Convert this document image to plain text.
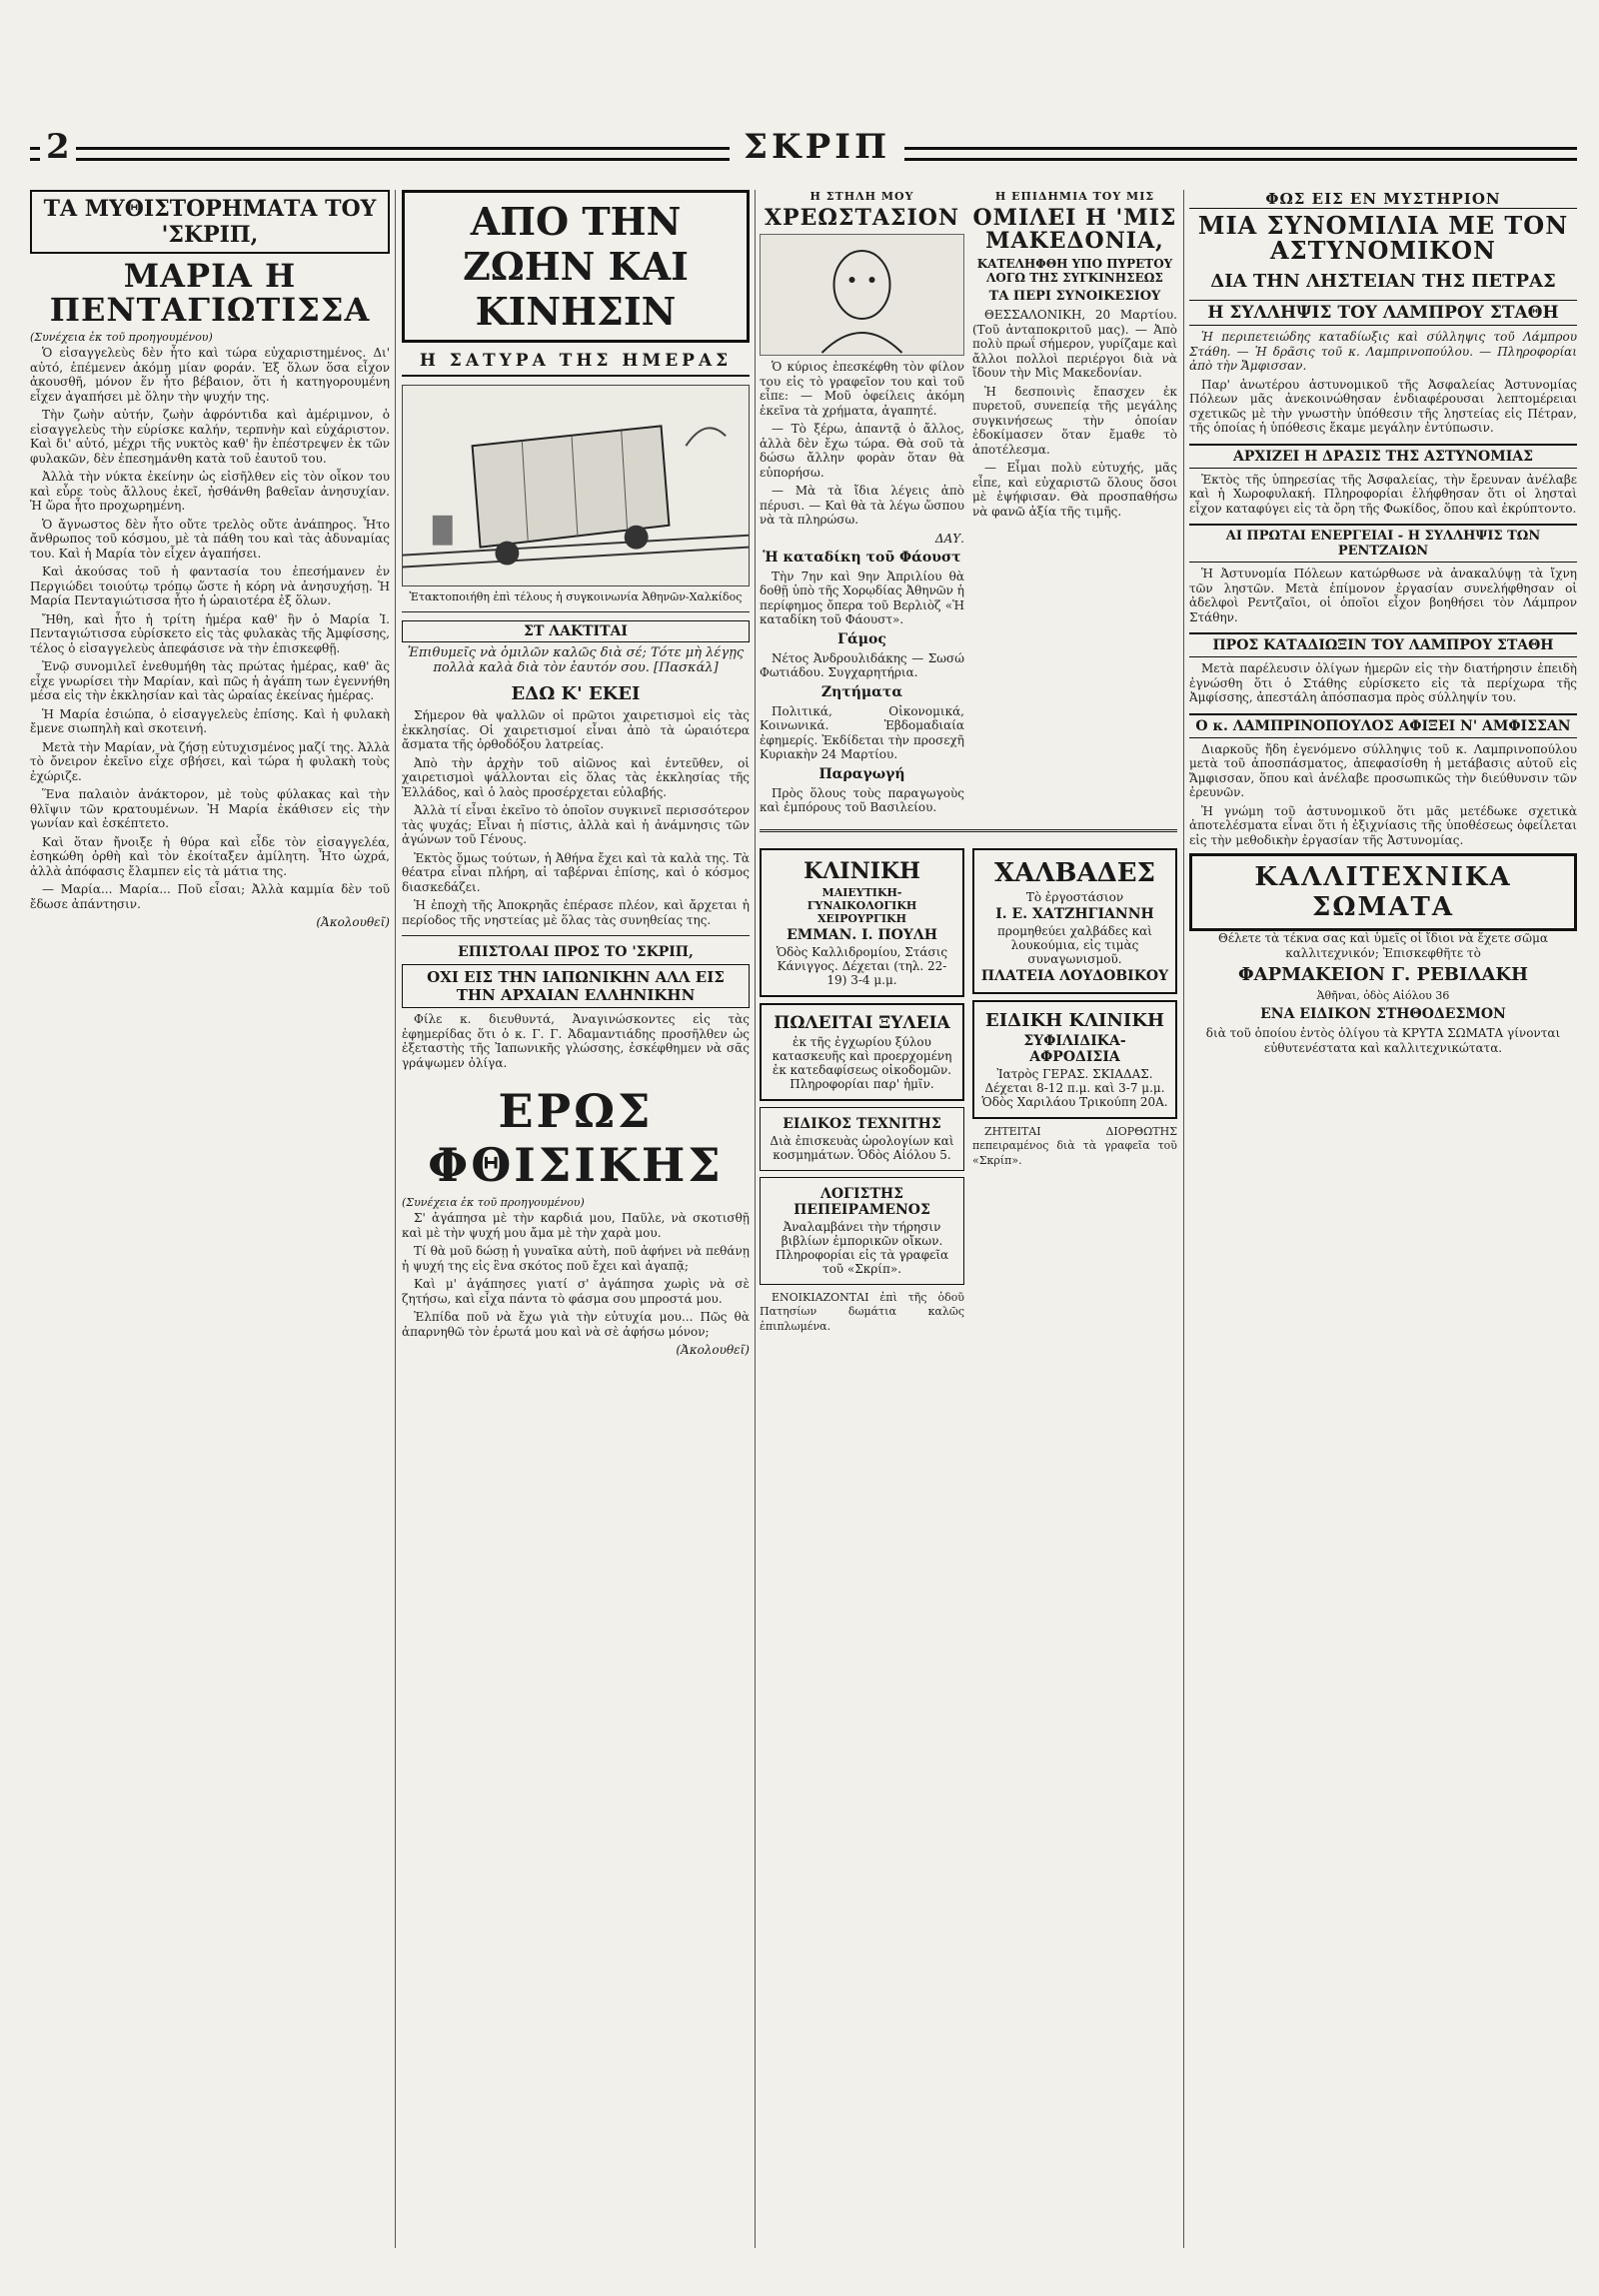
2	ΣΚΡΙΠ
ΤΑ ΜΥΘΙΣΤΟΡΗΜΑΤΑ ΤΟΥ 'ΣΚΡΙΠ,
ΜΑΡΙΑ Η ΠΕΝΤΑΓΙΩΤΙΣΣΑ
(Συνέχεια ἐκ τοῦ προηγουμένου)

Ὁ εἰσαγγελεὺς δὲν ἦτο καὶ τώρα εὐχαριστημένος. Δι' αὐτό, ἐπέμενεν ἀκόμη μίαν φοράν. Ἐξ ὅλων ὅσα εἶχον ἀκουσθῆ, μόνον ἕν ἦτο βέβαιον, ὅτι ἡ κατηγορουμένη εἶχεν ἀγαπήσει μὲ ὅλην τὴν ψυχήν της.

Τὴν ζωὴν αὐτήν, ζωὴν ἀφρόντιδα καὶ ἀμέριμνον, ὁ εἰσαγγελεὺς τὴν εὑρίσκε καλήν, τερπνὴν καὶ εὐχάριστον. Καὶ δι' αὐτό, μέχρι τῆς νυκτὸς καθ' ἣν ἐπέστρεψεν ἐκ τῶν φυλακῶν, δὲν ἐπεσημάνθη κατὰ τοῦ ἐαυτοῦ του.

Ἀλλὰ τὴν νύκτα ἐκείνην ὡς εἰσῆλθεν εἰς τὸν οἶκον του καὶ εὗρε τοὺς ἄλλους ἐκεῖ, ἠσθάνθη βαθεῖαν ἀνησυχίαν. Ἡ ὥρα ἦτο προχωρημένη.

Ὁ ἄγνωστος δὲν ἦτο οὔτε τρελὸς οὔτε ἀνάπηρος. Ἦτο ἄνθρωπος τοῦ κόσμου, μὲ τὰ πάθη του καὶ τὰς ἀδυναμίας του. Καὶ ἡ Μαρία τὸν εἶχεν ἀγαπήσει.

Καὶ ἀκούσας τοῦ ἡ φαντασία του ἐπεσήμανεν ἐν Περγιώδει τοιούτῳ τρόπῳ ὥστε ἡ κόρη νὰ ἀνησυχήσῃ. Ἡ Μαρία Πενταγιώτισσα ἦτο ἡ ὡραιοτέρα ἐξ ὅλων.

Ἤθη, καὶ ἦτο ἡ τρίτη ἡμέρα καθ' ἣν ὁ Μαρία Ἰ. Πενταγιώτισσα εὑρίσκετο εἰς τὰς φυλακὰς τῆς Ἀμφίσσης, τέλος ὁ εἰσαγγελεὺς ἀπεφάσισε νὰ τὴν ἐπισκεφθῇ.

Ἐνῷ συνομιλεῖ ἐνεθυμήθη τὰς πρώτας ἡμέρας, καθ' ἃς εἶχε γνωρίσει τὴν Μαρίαν, καὶ πῶς ἡ ἀγάπη των ἐγεννήθη μέσα εἰς τὴν ἐκκλησίαν καὶ τὰς ὡραίας ἐκείνας ἡμέρας.

Ἡ Μαρία ἐσιώπα, ὁ εἰσαγγελεὺς ἐπίσης. Καὶ ἡ φυλακὴ ἔμενε σιωπηλὴ καὶ σκοτεινή.

Μετὰ τὴν Μαρίαν, νὰ ζήσῃ εὐτυχισμένος μαζί της. Ἀλλὰ τὸ ὄνειρον ἐκεῖνο εἶχε σβήσει, καὶ τώρα ἡ φυλακὴ τοὺς ἐχώριζε.

Ἕνα παλαιὸν ἀνάκτορον, μὲ τοὺς φύλακας καὶ τὴν θλῖψιν τῶν κρατουμένων. Ἡ Μαρία ἐκάθισεν εἰς τὴν γωνίαν καὶ ἐσκέπτετο.

Καὶ ὅταν ἤνοιξε ἡ θύρα καὶ εἶδε τὸν εἰσαγγελέα, ἐσηκώθη ὀρθὴ καὶ τὸν ἐκοίταξεν ἀμίλητη. Ἦτο ὠχρά, ἀλλὰ ἀπόφασις ἔλαμπεν εἰς τὰ μάτια της.

— Μαρία... Μαρία... Ποῦ εἶσαι; Ἀλλὰ καμμία δὲν τοῦ ἔδωσε ἀπάντησιν.

(Ἀκολουθεῖ)
ΑΠΟ ΤΗΝ ΖΩΗΝ ΚΑΙ ΚΙΝΗΣΙΝ
Η ΣΑΤΥΡΑ ΤΗΣ ΗΜΕΡΑΣ
Ἐτακτοποιήθη ἐπὶ τέλους ἡ συγκοινωνία Ἀθηνῶν-Χαλκίδος
ΣΤ ΛΑΚΤΙΤΑΙ
Ἐπιθυμεῖς νὰ ὁμιλῶν καλῶς διὰ σέ; Τότε μὴ λέγῃς πολλὰ καλὰ διὰ τὸν ἑαυτόν σου. [Πασκάλ]
ΕΔΩ Κ' ΕΚΕΙ

Σήμερον θὰ ψαλλῶν οἱ πρῶτοι χαιρετισμοὶ εἰς τὰς ἐκκλησίας. Οἱ χαιρετισμοί εἶναι ἀπὸ τὰ ὡραιότερα ἄσματα τῆς ὀρθοδόξου λατρείας.

Ἀπὸ τὴν ἀρχὴν τοῦ αἰῶνος καὶ ἐντεῦθεν, οἱ χαιρετισμοὶ ψάλλονται εἰς ὅλας τὰς ἐκκλησίας τῆς Ἑλλάδος, καὶ ὁ λαὸς προσέρχεται εὐλαβής.

Ἀλλὰ τί εἶναι ἐκεῖνο τὸ ὁποῖον συγκινεῖ περισσότερον τὰς ψυχάς; Εἶναι ἡ πίστις, ἀλλὰ καὶ ἡ ἀνάμνησις τῶν ἀγώνων τοῦ Γένους.

Ἐκτὸς ὅμως τούτων, ἡ Ἀθήνα ἔχει καὶ τὰ καλὰ της. Τὰ θέατρα εἶναι πλήρη, αἱ ταβέρναι ἐπίσης, καὶ ὁ κόσμος διασκεδάζει.

Ἡ ἐποχὴ τῆς Ἀποκρηᾶς ἐπέρασε πλέον, καὶ ἄρχεται ἡ περίοδος τῆς νηστείας μὲ ὅλας τὰς συνηθείας της.

ΕΠΙΣΤΟΛΑΙ ΠΡΟΣ ΤΟ 'ΣΚΡΙΠ,
ΟΧΙ ΕΙΣ ΤΗΝ ΙΑΠΩΝΙΚΗΝ ΑΛΛ ΕΙΣ ΤΗΝ ΑΡΧΑΙΑΝ ΕΛΛΗΝΙΚΗΝ

Φίλε κ. διευθυντά, Ἀναγινώσκοντες εἰς τὰς ἐφημερίδας ὅτι ὁ κ. Γ. Γ. Ἀδαμαντιάδης προσῆλθεν ὡς ἐξεταστὴς τῆς Ἰαπωνικῆς γλώσσης, ἐσκέφθημεν νὰ σᾶς γράψωμεν ὀλίγα.

ΕΡΩΣ ΦΘΙΣΙΚΗΣ
(Συνέχεια ἐκ τοῦ προηγουμένου)

Σ' ἀγάπησα μὲ τὴν καρδιά μου, Παῦλε, νὰ σκοτισθῇ καὶ μὲ τὴν ψυχή μου ἄμα μὲ τὴν χαρὰ μου.

Τί θὰ μοῦ δώσῃ ἡ γυναῖκα αὐτὴ, ποῦ ἀφήνει νὰ πεθάνῃ ἡ ψυχή της εἰς ἓνα σκότος ποῦ ἔχει καὶ ἀγαπᾷ;

Καὶ μ' ἀγάπησες γιατί σ' ἀγάπησα χωρὶς νὰ σὲ ζητήσω, καὶ εἶχα πάντα τὸ φάσμα σου μπροστά μου.

Ἐλπίδα ποῦ νὰ ἔχω γιὰ τὴν εὐτυχία μου... Πῶς θὰ ἀπαρνηθῶ τὸν ἐρωτά μου καὶ νὰ σὲ ἀφήσω μόνον;

(Ἀκολουθεῖ)
Η ΣΤΗΛΗ ΜΟΥ
ΧΡΕΩΣΤΑΣΙΟΝ

Ὁ κύριος ἐπεσκέφθη τὸν φίλον του εἰς τὸ γραφεῖον του καὶ τοῦ εἶπε: — Μοῦ ὀφείλεις ἀκόμη ἐκεῖνα τὰ χρήματα, ἀγαπητέ.

— Τὸ ξέρω, ἀπαντᾷ ὁ ἄλλος, ἀλλὰ δὲν ἔχω τώρα. Θὰ σοῦ τὰ δώσω ἄλλην φορὰν ὅταν θὰ εὐπορήσω.

— Μὰ τὰ ἴδια λέγεις ἀπὸ πέρυσι. — Καὶ θὰ τὰ λέγω ὥσπου νὰ τὰ πληρώσω.

ΔΑΥ.
Ἡ καταδίκη τοῦ Φάουστ

Τὴν 7ην καὶ 9ην Ἀπριλίου θὰ δοθῇ ὑπὸ τῆς Χορῳδίας Ἀθηνῶν ἡ περίφημος ὄπερα τοῦ Βερλιὸζ «Ἡ καταδίκη τοῦ Φάουστ».

Γάμος

Νέτος Ἀνδρουλιδάκης — Σωσώ Φωτιάδου. Συγχαρητήρια.

Ζητήματα

Πολιτικά, Οἰκονομικά, Κοινωνικά. Ἑβδομαδιαία ἐφημερίς. Ἐκδίδεται τὴν προσεχῆ Κυριακὴν 24 Μαρτίου.

Παραγωγή

Πρὸς ὅλους τοὺς παραγωγοὺς καὶ ἐμπόρους τοῦ Βασιλείου.

Η ΕΠΙΔΗΜΙΑ ΤΟΥ ΜΙΣ
ΟΜΙΛΕΙ Η 'ΜΙΣ ΜΑΚΕΔΟΝΙΑ,
ΚΑΤΕΛΗΦΘΗ ΥΠΟ ΠΥΡΕΤΟΥ ΛΟΓΩ ΤΗΣ ΣΥΓΚΙΝΗΣΕΩΣ
ΤΑ ΠΕΡΙ ΣΥΝΟΙΚΕΣΙΟΥ

ΘΕΣΣΑΛΟΝΙΚΗ, 20 Μαρτίου. (Τοῦ ἀνταποκριτοῦ μας). — Ἀπὸ πολὺ πρωΐ σήμερον, γυρίζαμε καὶ ἄλλοι πολλοὶ περιέργοι διὰ νὰ ἴδουν τὴν Μὶς Μακεδονίαν.

Ἡ δεσποινὶς ἔπασχεν ἐκ πυρετοῦ, συνεπείᾳ τῆς μεγάλης συγκινήσεως τὴν ὁποίαν ἐδοκίμασεν ὅταν ἔμαθε τὸ ἀποτέλεσμα.

— Εἶμαι πολὺ εὐτυχής, μᾶς εἶπε, καὶ εὐχαριστῶ ὅλους ὅσοι μὲ ἐψήφισαν. Θὰ προσπαθήσω νὰ φανῶ ἀξία τῆς τιμῆς.

ΚΛΙΝΙΚΗ
ΜΑΙΕΥΤΙΚΗ-ΓΥΝΑΙΚΟΛΟΓΙΚΗ ΧΕΙΡΟΥΡΓΙΚΗ
ΕΜΜΑΝ. Ι. ΠΟΥΛΗ
Ὁδὸς Καλλιδρομίου, Στάσις Κάνιγγος. Δέχεται (τηλ. 22-19) 3-4 μ.μ.
ΠΩΛΕΙΤΑΙ ΞΥΛΕΙΑ
ἐκ τῆς ἐγχωρίου ξύλου κατασκευῆς καὶ προερχομένη ἐκ κατεδαφίσεως οἰκοδομῶν. Πληροφορίαι παρ' ἡμῖν.
ΕΙΔΙΚΟΣ ΤΕΧΝΙΤΗΣ
Διὰ ἐπισκευὰς ὡρολογίων καὶ κοσμημάτων. Ὁδὸς Αἰόλου 5.
ΛΟΓΙΣΤΗΣ ΠΕΠΕΙΡΑΜΕΝΟΣ
Ἀναλαμβάνει τὴν τήρησιν βιβλίων ἐμπορικῶν οἴκων. Πληροφορίαι εἰς τὰ γραφεῖα τοῦ «Σκρίπ».

ΕΝΟΙΚΙΑΖΟΝΤΑΙ ἐπὶ τῆς ὁδοῦ Πατησίων δωμάτια καλῶς ἐπιπλωμένα.

ΧΑΛΒΑΔΕΣ
Τὸ ἐργοστάσιον
Ι. Ε. ΧΑΤΖΗΓΙΑΝΝΗ
προμηθεύει χαλβάδες καὶ λουκούμια, εἰς τιμὰς συναγωνισμοῦ.
ΠΛΑΤΕΙΑ ΛΟΥΔΟΒΙΚΟΥ
ΕΙΔΙΚΗ ΚΛΙΝΙΚΗ
ΣΥΦΙΛΙΔΙΚΑ-ΑΦΡΟΔΙΣΙΑ
Ἰατρὸς ΓΕΡΑΣ. ΣΚΙΑΔΑΣ. Δέχεται 8-12 π.μ. καὶ 3-7 μ.μ. Ὁδὸς Χαριλάου Τρικούπη 20Α.

ΖΗΤΕΙΤΑΙ ΔΙΟΡΘΩΤΗΣ πεπειραμένος διὰ τὰ γραφεῖα τοῦ «Σκρίπ».

ΦΩΣ ΕΙΣ ΕΝ ΜΥΣΤΗΡΙΟΝ
ΜΙΑ ΣΥΝΟΜΙΛΙΑ ΜΕ ΤΟΝ ΑΣΤΥΝΟΜΙΚΟΝ
ΔΙΑ ΤΗΝ ΛΗΣΤΕΙΑΝ ΤΗΣ ΠΕΤΡΑΣ
Η ΣΥΛΛΗΨΙΣ ΤΟΥ ΛΑΜΠΡΟΥ ΣΤΑΘΗ

Ἡ περιπετειώδης καταδίωξις καὶ σύλληψις τοῦ Λάμπρου Στάθη. — Ἡ δρᾶσις τοῦ κ. Λαμπρινοπούλου. — Πληροφορίαι ἀπὸ τὴν Ἄμφισσαν.

Παρ' ἀνωτέρου ἀστυνομικοῦ τῆς Ἀσφαλείας Ἀστυνομίας Πόλεων μᾶς ἀνεκοινώθησαν ἐνδιαφέρουσαι λεπτομέρειαι σχετικῶς μὲ τὴν γνωστὴν ὑπόθεσιν τῆς ληστείας εἰς Πέτραν, τῆς ὁποίας ἡ ὑπόθεσις ἔκαμε μεγάλην ἐντύπωσιν.

ΑΡΧΙΖΕΙ Η ΔΡΑΣΙΣ ΤΗΣ ΑΣΤΥΝΟΜΙΑΣ

Ἐκτὸς τῆς ὑπηρεσίας τῆς Ἀσφαλείας, τὴν ἔρευναν ἀνέλαβε καὶ ἡ Χωροφυλακή. Πληροφορίαι ἐλήφθησαν ὅτι οἱ λησταὶ εἶχον καταφύγει εἰς τὰ ὄρη τῆς Φωκίδος, ὅπου καὶ ἐκρύπτοντο.

ΑΙ ΠΡΩΤΑΙ ΕΝΕΡΓΕΙΑΙ - Η ΣΥΛΛΗΨΙΣ ΤΩΝ ΡΕΝΤΖΑΙΩΝ

Ἡ Ἀστυνομία Πόλεων κατώρθωσε νὰ ἀνακαλύψῃ τὰ ἴχνη τῶν ληστῶν. Μετὰ ἐπίμονον ἐργασίαν συνελήφθησαν οἱ ἀδελφοὶ Ρεντζαῖοι, οἱ ὁποῖοι εἶχον βοηθήσει τὸν Λάμπρον Στάθην.

ΠΡΟΣ ΚΑΤΑΔΙΩΞΙΝ ΤΟΥ ΛΑΜΠΡΟΥ ΣΤΑΘΗ

Μετὰ παρέλευσιν ὀλίγων ἡμερῶν εἰς τὴν διατήρησιν ἐπειδὴ ἐγνώσθη ὅτι ὁ Στάθης εὑρίσκετο εἰς τὰ περίχωρα τῆς Ἀμφίσσης, ἀπεστάλη ἀπόσπασμα πρὸς σύλληψίν του.

Ο κ. ΛΑΜΠΡΙΝΟΠΟΥΛΟΣ ΑΦΙΞΕΙ Ν' ΑΜΦΙΣΣΑΝ

Διαρκοῦς ἤδη ἐγενόμενο σύλληψις τοῦ κ. Λαμπρινοπούλου μετὰ τοῦ ἀποσπάσματος, ἀπεφασίσθη ἡ μετάβασις αὐτοῦ εἰς Ἄμφισσαν, ὅπου καὶ ἀνέλαβε προσωπικῶς τὴν διεύθυνσιν τῶν ἐρευνῶν.

Ἡ γνώμη τοῦ ἀστυνομικοῦ ὅτι μᾶς μετέδωκε σχετικὰ ἀποτελέσματα εἶναι ὅτι ἡ ἐξιχνίασις τῆς ὑποθέσεως ὀφείλεται εἰς τὴν μεθοδικὴν ἐργασίαν τῆς Ἀστυνομίας.

ΚΑΛΛΙΤΕΧΝΙΚΑ ΣΩΜΑΤΑ

Θέλετε τὰ τέκνα σας καὶ ὑμεῖς οἱ ἴδιοι νὰ ἔχετε σῶμα καλλιτεχνικόν; Ἐπισκεφθῆτε τὸ

ΦΑΡΜΑΚΕΙΟΝ Γ. ΡΕΒΙΛΑΚΗ
Ἀθῆναι, ὁδὸς Αἰόλου 36
ΕΝΑ ΕΙΔΙΚΟΝ ΣΤΗΘΟΔΕΣΜΟΝ

διὰ τοῦ ὁποίου ἐντὸς ὀλίγου τὰ ΚΡΥΤΑ ΣΩΜΑΤΑ γίνονται εὐθυτενέστατα καὶ καλλιτεχνικώτατα.
